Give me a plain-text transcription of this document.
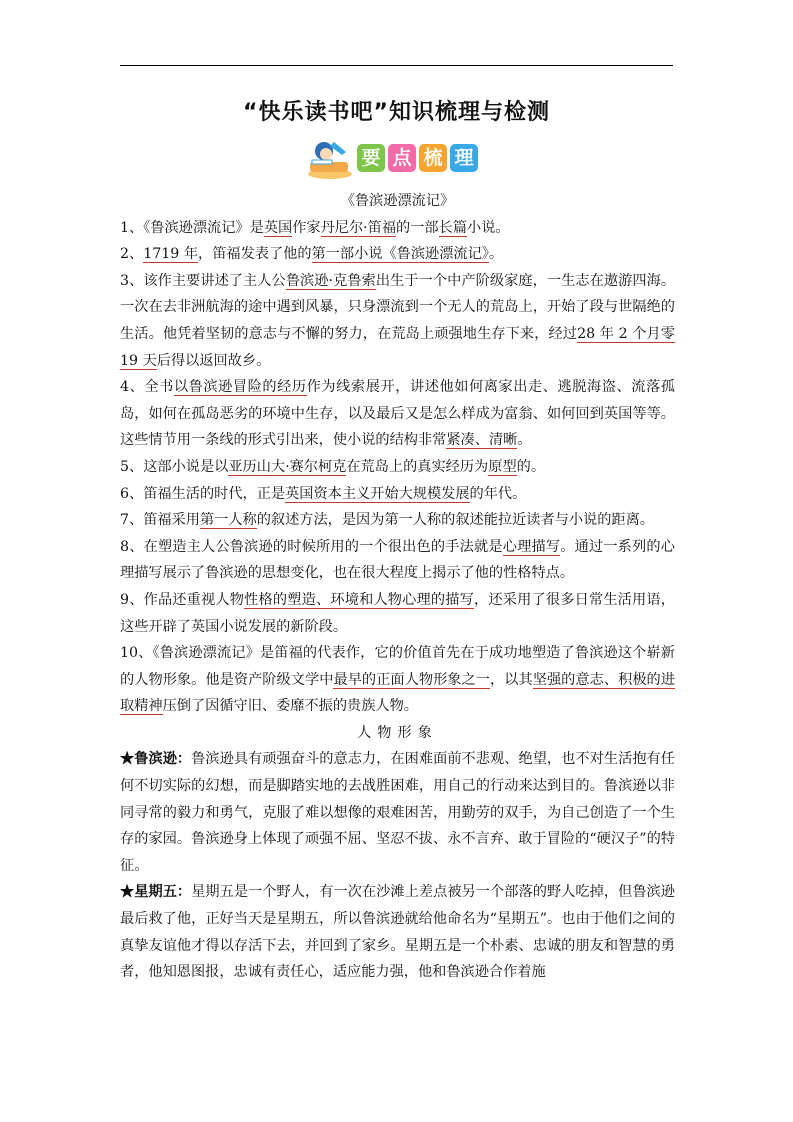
“快乐读书吧”知识梳理与检测
要 点 梳 理

《鲁滨逊漂流记》

1、《鲁滨逊漂流记》是英国作家丹尼尔·笛福的一部长篇小说。

2、1719 年，笛福发表了他的第一部小说《鲁滨逊漂流记》。

3、该作主要讲述了主人公鲁滨逊·克鲁索出生于一个中产阶级家庭，一生志在遨游四海。一次在去非洲航海的途中遇到风暴，只身漂流到一个无人的荒岛上，开始了段与世隔绝的生活。他凭着坚韧的意志与不懈的努力，在荒岛上顽强地生存下来，经过28 年 2 个月零 19 天后得以返回故乡。

4、全书以鲁滨逊冒险的经历作为线索展开，讲述他如何离家出走、逃脱海盗、流落孤岛，如何在孤岛恶劣的环境中生存，以及最后又是怎么样成为富翁、如何回到英国等等。这些情节用一条线的形式引出来，使小说的结构非常紧凑、清晰。

5、这部小说是以亚历山大·赛尔柯克在荒岛上的真实经历为原型的。

6、笛福生活的时代，正是英国资本主义开始大规模发展的年代。

7、笛福采用第一人称的叙述方法，是因为第一人称的叙述能拉近读者与小说的距离。

8、在塑造主人公鲁滨逊的时候所用的一个很出色的手法就是心理描写。通过一系列的心理描写展示了鲁滨逊的思想变化，也在很大程度上揭示了他的性格特点。

9、作品还重视人物性格的塑造、环境和人物心理的描写，还采用了很多日常生活用语，这些开辟了英国小说发展的新阶段。

10、《鲁滨逊漂流记》是笛福的代表作，它的价值首先在于成功地塑造了鲁滨逊这个崭新的人物形象。他是资产阶级文学中最早的正面人物形象之一，以其坚强的意志、积极的进取精神压倒了因循守旧、委靡不振的贵族人物。

人物形象

★鲁滨逊：鲁滨逊具有顽强奋斗的意志力，在困难面前不悲观、绝望，也不对生活抱有任何不切实际的幻想，而是脚踏实地的去战胜困难，用自己的行动来达到目的。鲁滨逊以非同寻常的毅力和勇气，克服了难以想像的艰难困苦，用勤劳的双手，为自己创造了一个生存的家园。鲁滨逊身上体现了顽强不屈、坚忍不拔、永不言弃、敢于冒险的“硬汉子”的特征。

★星期五：星期五是一个野人，有一次在沙滩上差点被另一个部落的野人吃掉，但鲁滨逊最后救了他，正好当天是星期五，所以鲁滨逊就给他命名为“星期五”。也由于他们之间的真挚友谊他才得以存活下去，并回到了家乡。星期五是一个朴素、忠诚的朋友和智慧的勇者，他知恩图报，忠诚有责任心，适应能力强，他和鲁滨逊合作着施
